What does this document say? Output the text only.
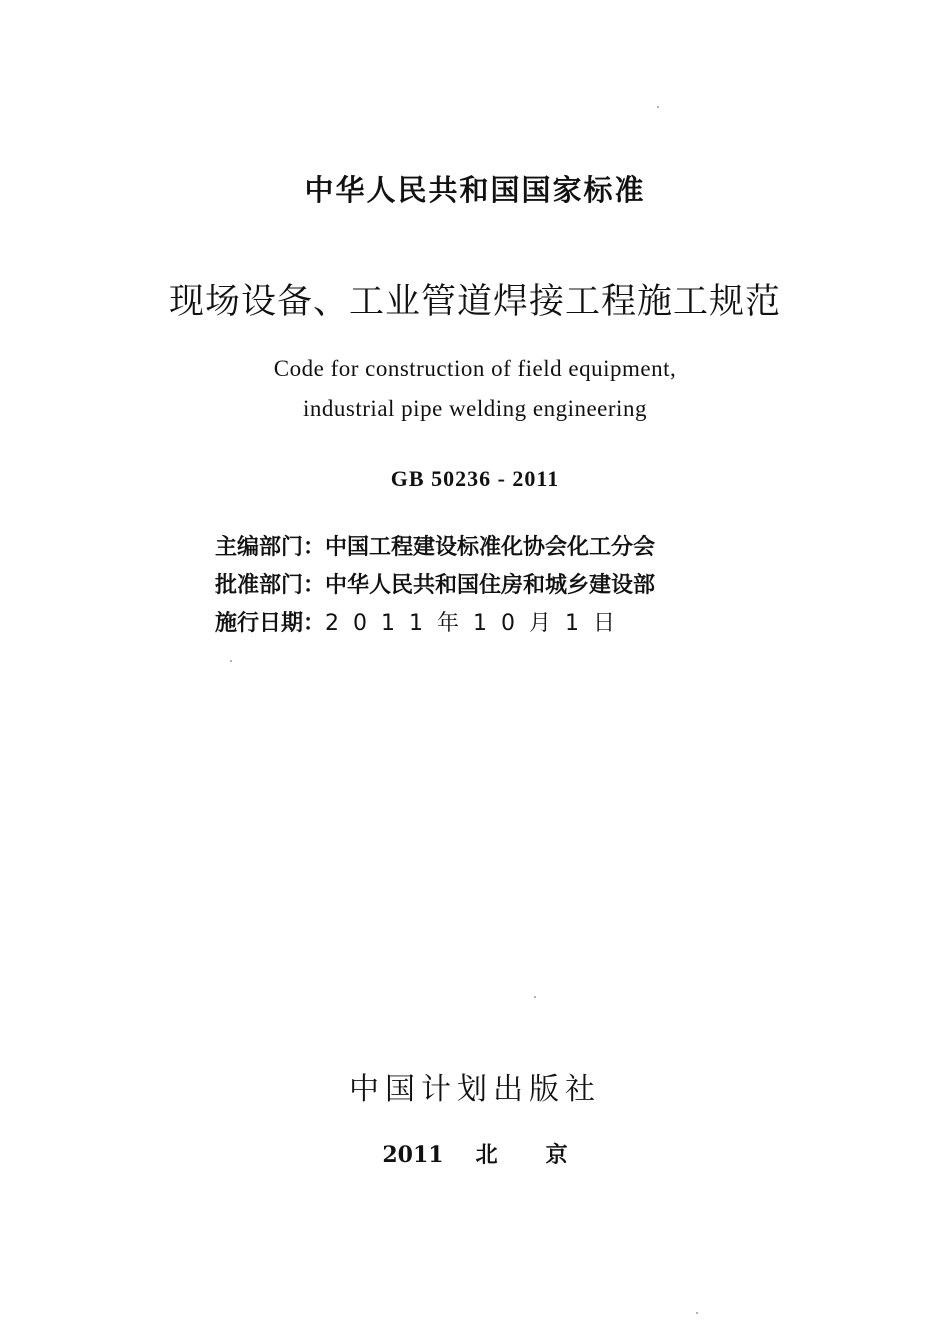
中华人民共和国国家标准
现场设备、工业管道焊接工程施工规范
Code for construction of field equipment,
industrial pipe welding engineering
GB 50236 - 2011
主编部门：中国工程建设标准化协会化工分会
批准部门：中华人民共和国住房和城乡建设部
施行日期：2011年10月1日
中国计划出版社
2011 北 京
